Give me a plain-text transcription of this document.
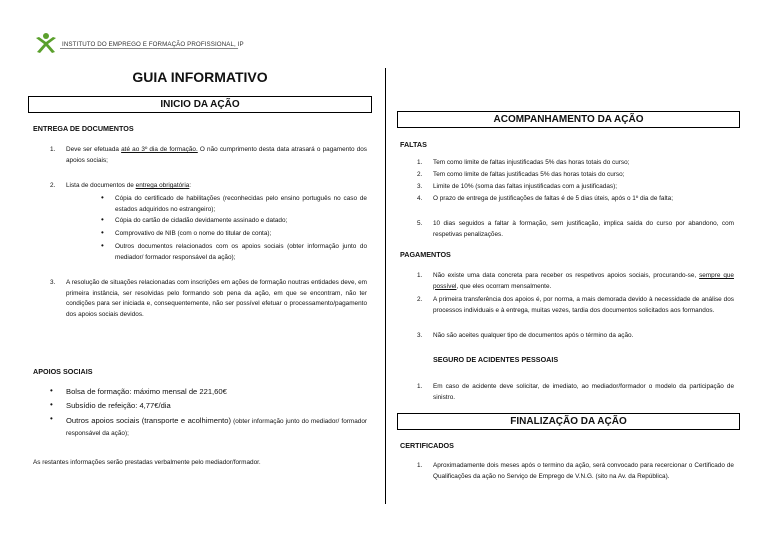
INSTITUTO DO EMPREGO E FORMAÇÃO PROFISSIONAL, IP
GUIA INFORMATIVO
INICIO DA AÇÃO
ENTREGA DE DOCUMENTOS
1. Deve ser efetuada até ao 3º dia de formação. O não cumprimento desta data atrasará o pagamento dos apoios sociais;
2. Lista de documentos de entrega obrigatória:
• Cópia do certificado de habilitações (reconhecidas pelo ensino português no caso de estados adquiridos no estrangeiro);
• Cópia do cartão de cidadão devidamente assinado e datado;
• Comprovativo de NIB (com o nome do titular de conta);
• Outros documentos relacionados com os apoios sociais (obter informação junto do mediador/ formador responsável da ação);
3. A resolução de situações relacionadas com inscrições em ações de formação noutras entidades deve, em primeira instância, ser resolvidas pelo formando sob pena da ação, em que se encontram, não ter condições para ser iniciada e, consequentemente, não ser possível efetuar o processamento/pagamento dos apoios sociais devidos.
APOIOS SOCIAIS
• Bolsa de formação: máximo mensal de 221,60€
• Subsídio de refeição: 4,77€/dia
• Outros apoios sociais (transporte e acolhimento) (obter informação junto do mediador/ formador responsável da ação);
As restantes informações serão prestadas verbalmente pelo mediador/formador.
ACOMPANHAMENTO DA AÇÃO
FALTAS
1. Tem como limite de faltas injustificadas 5% das horas totais do curso;
2. Tem como limite de faltas justificadas 5% das horas totais do curso;
3. Limite de 10% (soma das faltas injustificadas com a justificadas);
4. O prazo de entrega de justificações de faltas é de 5 dias úteis, após o 1º dia de falta;
5. 10 dias seguidos a faltar à formação, sem justificação, implica saída do curso por abandono, com respetivas penalizações.
PAGAMENTOS
1. Não existe uma data concreta para receber os respetivos apoios sociais, procurando-se, sempre que possível, que eles ocorram mensalmente.
2. A primeira transferência dos apoios é, por norma, a mais demorada devido à necessidade de análise dos processos individuais e à entrega, muitas vezes, tardia dos documentos solicitados aos formandos.
3. Não são aceites qualquer tipo de documentos após o término da ação.
SEGURO DE ACIDENTES PESSOAIS
1. Em caso de acidente deve solicitar, de imediato, ao mediador/formador o modelo da participação de sinistro.
FINALIZAÇÃO DA AÇÃO
CERTIFICADOS
1. Aproximadamente dois meses após o termino da ação, será convocado para recercionar o Certificado de Qualificações da ação no Serviço de Emprego de V.N.G. (sito na Av. da República).
